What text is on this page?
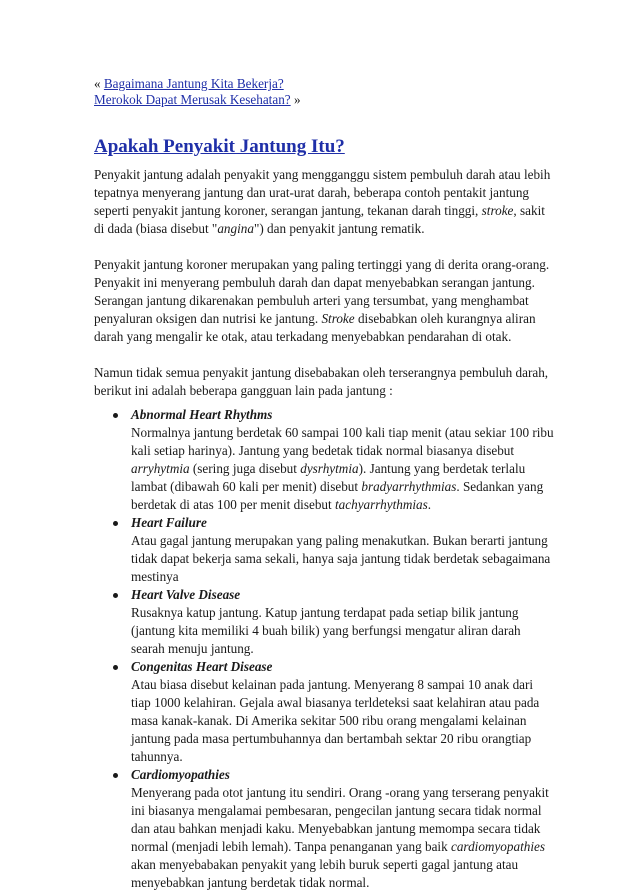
« Bagaimana Jantung Kita Bekerja?
Merokok Dapat Merusak Kesehatan? »
Apakah Penyakit Jantung Itu?

Penyakit jantung adalah penyakit yang mengganggu sistem pembuluh darah atau lebih tepatnya menyerang jantung dan urat-urat darah, beberapa contoh pentakit jantung seperti penyakit jantung koroner, serangan jantung, tekanan darah tinggi, stroke, sakit di dada (biasa disebut "angina") dan penyakit jantung rematik.

Penyakit jantung koroner merupakan yang paling tertinggi yang di derita orang-orang. Penyakit ini menyerang pembuluh darah dan dapat menyebabkan serangan jantung. Serangan jantung dikarenakan pembuluh arteri yang tersumbat, yang menghambat penyaluran oksigen dan nutrisi ke jantung. Stroke disebabkan oleh kurangnya aliran darah yang mengalir ke otak, atau terkadang menyebabkan pendarahan di otak.

Namun tidak semua penyakit jantung disebabakan oleh terserangnya pembuluh darah, berikut ini adalah beberapa gangguan lain pada jantung :

Abnormal Heart Rhythms
Normalnya jantung berdetak 60 sampai 100 kali tiap menit (atau sekiar 100 ribu kali setiap harinya). Jantung yang bedetak tidak normal biasanya disebut arryhytmia (sering juga disebut dysrhytmia). Jantung yang berdetak terlalu lambat (dibawah 60 kali per menit) disebut bradyarrhythmias. Sedankan yang berdetak di atas 100 per menit disebut tachyarrhythmias.
Heart Failure
Atau gagal jantung merupakan yang paling menakutkan. Bukan berarti jantung tidak dapat bekerja sama sekali, hanya saja jantung tidak berdetak sebagaimana mestinya
Heart Valve Disease
Rusaknya katup jantung. Katup jantung terdapat pada setiap bilik jantung (jantung kita memiliki 4 buah bilik) yang berfungsi mengatur aliran darah searah menuju jantung.
Congenitas Heart Disease
Atau biasa disebut kelainan pada jantung. Menyerang 8 sampai 10 anak dari tiap 1000 kelahiran. Gejala awal biasanya terldeteksi saat kelahiran atau pada masa kanak-kanak. Di Amerika sekitar 500 ribu orang mengalami kelainan jantung pada masa pertumbuhannya dan bertambah sektar 20 ribu orangtiap tahunnya.
Cardiomyopathies
Menyerang pada otot jantung itu sendiri. Orang -orang yang terserang penyakit ini biasanya mengalamai pembesaran, pengecilan jantung secara tidak normal dan atau bahkan menjadi kaku. Menyebabkan jantung memompa secara tidak normal (menjadi lebih lemah). Tanpa penanganan yang baik cardiomyopathies akan menyebabakan penyakit yang lebih buruk seperti gagal jantung atau menyebabkan jantung berdetak tidak normal.
